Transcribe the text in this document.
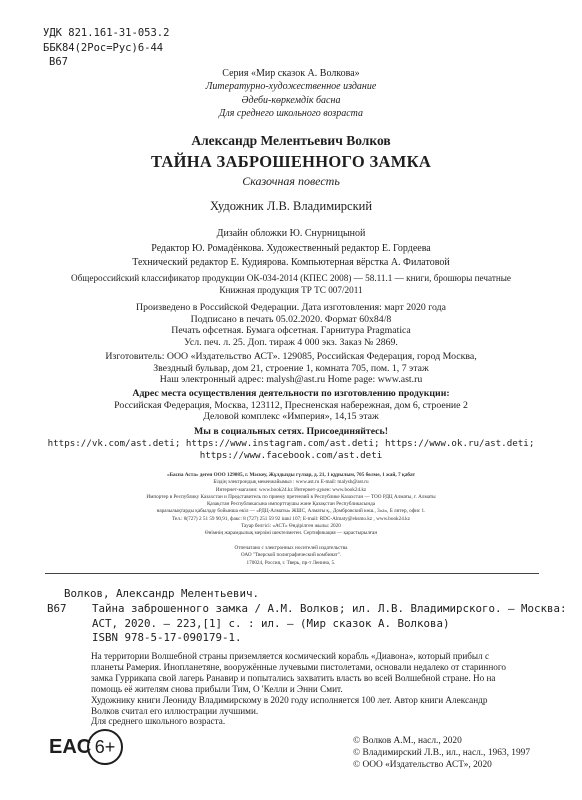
УДК 821.161-31-053.2
ББК84(2Рос=Рус)6-44
В67
Серия «Мир сказок А. Волкова»
Литературно-художественное издание
Әдеби-көркемдік басна
Для среднего школьного возраста
Александр Мелентьевич Волков
ТАЙНА ЗАБРОШЕННОГО ЗАМКА
Сказочная повесть
Художник Л.В. Владимирский
Дизайн обложки Ю. Снурницыной
Редактор Ю. Ромадёнкова. Художественный редактор Е. Гордеева
Технический редактор Е. Кудиярова. Компьютерная вёрстка А. Филатовой
Общероссийский классификатор продукции ОК-034-2014 (КПЕС 2008) — 58.11.1 — книги, брошюры печатные
Книжная продукция ТР ТС 007/2011
Произведено в Российской Федерации. Дата изготовления: март 2020 года
Подписано в печать 05.02.2020. Формат 60х84/8
Печать офсетная. Бумага офсетная. Гарнитура Pragmatica
Усл. печ. л. 25. Доп. тираж 4 000 экз. Заказ № 2869.
Изготовитель: ООО «Издательство АСТ». 129085, Российская Федерация, город Москва,
Звездный бульвар, дом 21, строение 1, комната 705, пом. 1, 7 этаж
Наш электронный адрес: malysh@ast.ru Home page: www.ast.ru
Адрес места осуществления деятельности по изготовлению продукции:
Российская Федерация, Москва, 123112, Пресненская набережная, дом 6, строение 2
Деловой комплекс «Империя», 14,15 этаж
Мы в социальных сетях. Присоединяйтесь!
https://vk.com/ast.deti; https://www.instagram.com/ast.deti; https://www.ok.ru/ast.deti;
https://www.facebook.com/ast.deti
«Баспа Аста» деген ООО 129085, г. Мәскеу, Жұлдызды гүлзар, д. 21, 1 құрылым, 705 бөлме, 1 жай, 7 қабат
Біздің электрондық мекенжайымыз : www.ast.ru E-mail: malysh@ast.ru
Интернет-магазин: www.book24.kz Интернет-дүкен: www.book24.kz
Импортер в Республику Казахстан и Представитель по приему претензий в Республике Казахстан — ТОО РДЦ Алматы, г. Алматы
Қазақстан Республикасына импорттаушы және Қазақстан Республикасында
наразылықтарды қабылдау бойынша өкіл — «РДЦ-Алматы» ЖШС, Алматы қ., Домбровский көш., 3«а», Б литер, офис 1.
Тел.: 8(727) 2 51 59 90,91, факс: 8 (727) 251 59 92 ішкі 107; E-mail: RDC-Almaty@eksmo.kz , www.book24.kz
Тауар белгісі: «АСТ» Өндірілген жылы: 2020
Өнімнің жарамдылық мерзімі шектелмеген. Сертификация — қарастырылған
Отпечатано с электронных носителей издательства
ОАО "Тверской полиграфический комбинат".
170024, Россия, г. Тверь, пр-т Ленина, 5.
Волков, Александр Мелентьевич.
В67 Тайна заброшенного замка / А.М. Волков; ил. Л.В. Владимирского. — Москва:
АСТ, 2020. — 223,[1] с. : ил. — (Мир сказок А. Волкова)
ISBN 978-5-17-090179-1.
На территории Волшебной страны приземляется космический корабль «Диавона», который прибыл с
планеты Рамерия. Инопланетяне, вооружённые лучевыми пистолетами, основали недалеко от старинного
замка Гуррикапа свой лагерь Ранавир и попытались захватить власть во всей Волшебной стране. Но на
помощь её жителям снова прибыли Тим, О 'Келли и Энни Смит.
Художнику книги Леониду Владимирскому в 2020 году исполняется 100 лет. Автор книги Александр
Волков считал его иллюстрации лучшими.
Для среднего школьного возраста.
EAC 6+	© Волков А.М., насл., 2020
© Владимирский Л.В., ил., насл., 1963, 1997
© ООО «Издательство АСТ», 2020
